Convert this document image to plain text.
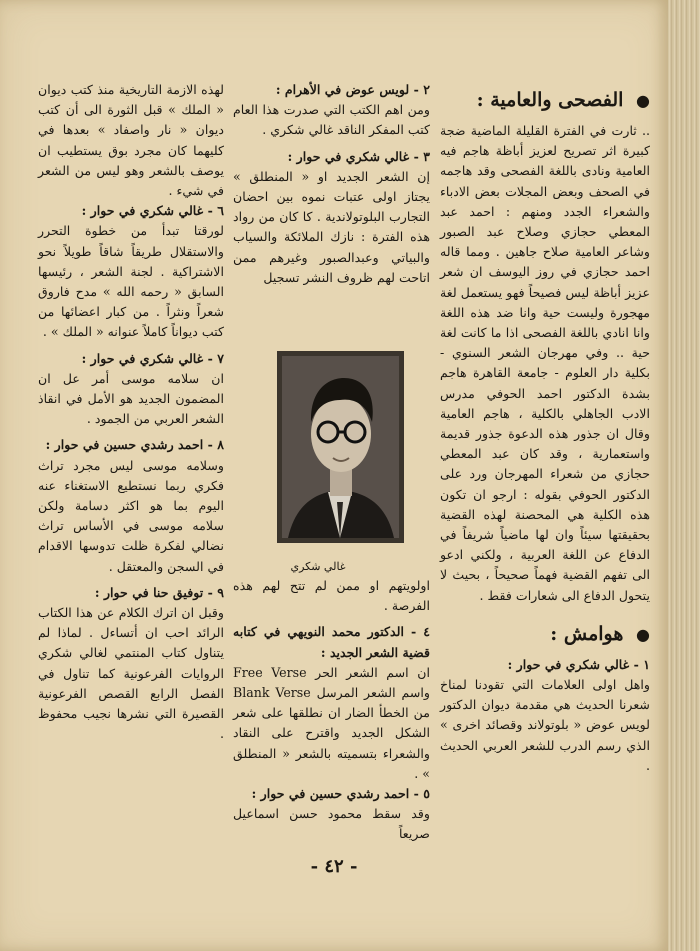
● الفصحى والعامية :

.. ثارت في الفترة القليلة الماضية ضجة كبيرة اثر تصريح لعزيز أباظة هاجم فيه العامية ونادى باللغة الفصحى وقد هاجمه في الصحف وبعض المجلات بعض الادباء والشعراء الجدد ومنهم : احمد عبد المعطي حجازي وصلاح عبد الصبور وشاعر العامية صلاح جاهين . ومما قاله احمد حجازي في روز اليوسف ان شعر عزيز أباظة ليس فصيحاً فهو يستعمل لغة مهجورة وليست حية وانا ضد هذه اللغة وانا انادي باللغة الفصحى اذا ما كانت لغة حية .. وفي مهرجان الشعر السنوي - بكلية دار العلوم - جامعة القاهرة هاجم بشدة الدكتور احمد الحوفي مدرس الادب الجاهلي بالكلية ، هاجم العامية وقال ان جذور هذه الدعوة جذور قديمة واستعمارية ، وقد كان عبد المعطي حجازي من شعراء المهرجان ورد على الدكتور الحوفي بقوله : ارجو ان تكون هذه الكلية هي المحصنة لهذه القضية بحقيقتها سيئاً وان لها ماضياً شريفاً في الدفاع عن اللغة العربية ، ولكني ادعو الى تفهم القضية فهماً صحيحاً ، بحيث لا يتحول الدفاع الى شعارات فقط .

● هوامش :

١ - غالي شكري في حوار :

واهل اولى العلامات التي تقودنا لمناخ شعرنا الحديث هي مقدمة ديوان الدكتور لويس عوض « بلوتولاند وقصائد اخرى » الذي رسم الدرب للشعر العربي الحديث .

٢ - لويس عوض في الأهرام :

ومن اهم الكتب التي صدرت هذا العام كتب المفكر الناقد غالي شكري .

٣ - غالي شكري في حوار :

إن الشعر الجديد او « المنطلق » يجتاز اولى عتبات نموه بين احضان التجارب البلوتولاندية . كا كان من رواد هذه الفترة : نازك الملائكة والسياب والبياتي وعبدالصبور وغيرهم ممن اتاحت لهم ظروف النشر تسجيل

غالي شكري

اولويتهم او ممن لم تتح لهم هذه الفرصة .

٤ - الدكتور محمد النويهي في كتابه قضية الشعر الجديد :

ان اسم الشعر الحر Free Verse واسم الشعر المرسل Blank Verse من الخطأ الضار ان نطلقها على شعر الشكل الجديد واقترح على النقاد والشعراء بتسميته بالشعر « المنطلق » .

٥ - احمد رشدي حسين في حوار :

وقد سقط محمود حسن اسماعيل صريعاً

لهذه الازمة التاريخية منذ كتب ديوان « الملك » قبل الثورة الى أن كتب ديوان « نار واصفاد » بعدها في كليهما كان مجرد بوق يستطيب ان يوصف بالشعر وهو ليس من الشعر في شيء .

٦ - غالي شكري في حوار :

لورقتا تبدأ من خطوة التحرر والاستقلال طريقاً شاقاً طويلاً نحو الاشتراكية . لجنة الشعر ، رئيسها السابق « رحمه الله » مدح فاروق شعراً ونثراً . من كبار اعضائها من كتب ديواناً كاملاً عنوانه « الملك » .

٧ - غالي شكري في حوار :

ان سلامه موسى أمر عل ان المضمون الجديد هو الأمل في انقاذ الشعر العربي من الجمود .

٨ - احمد رشدي حسين في حوار :

وسلامه موسى ليس مجرد تراث فكري ربما نستطيع الاستغناء عنه اليوم بما هو اكثر دسامة ولكن سلامه موسى في الأساس تراث نضالي لفكرة ظلت تدوسها الاقدام في السجن والمعتقل .

٩ - توفيق حنا في حوار :

وقبل ان اترك الكلام عن هذا الكتاب الرائد احب ان أتساءل . لماذا لم يتناول كتاب المنتمي لغالي شكري الروايات الفرعونية كما تناول في الفصل الرابع القصص الفرعونية القصيرة التي نشرها نجيب محفوظ .

- ٤٢ -
